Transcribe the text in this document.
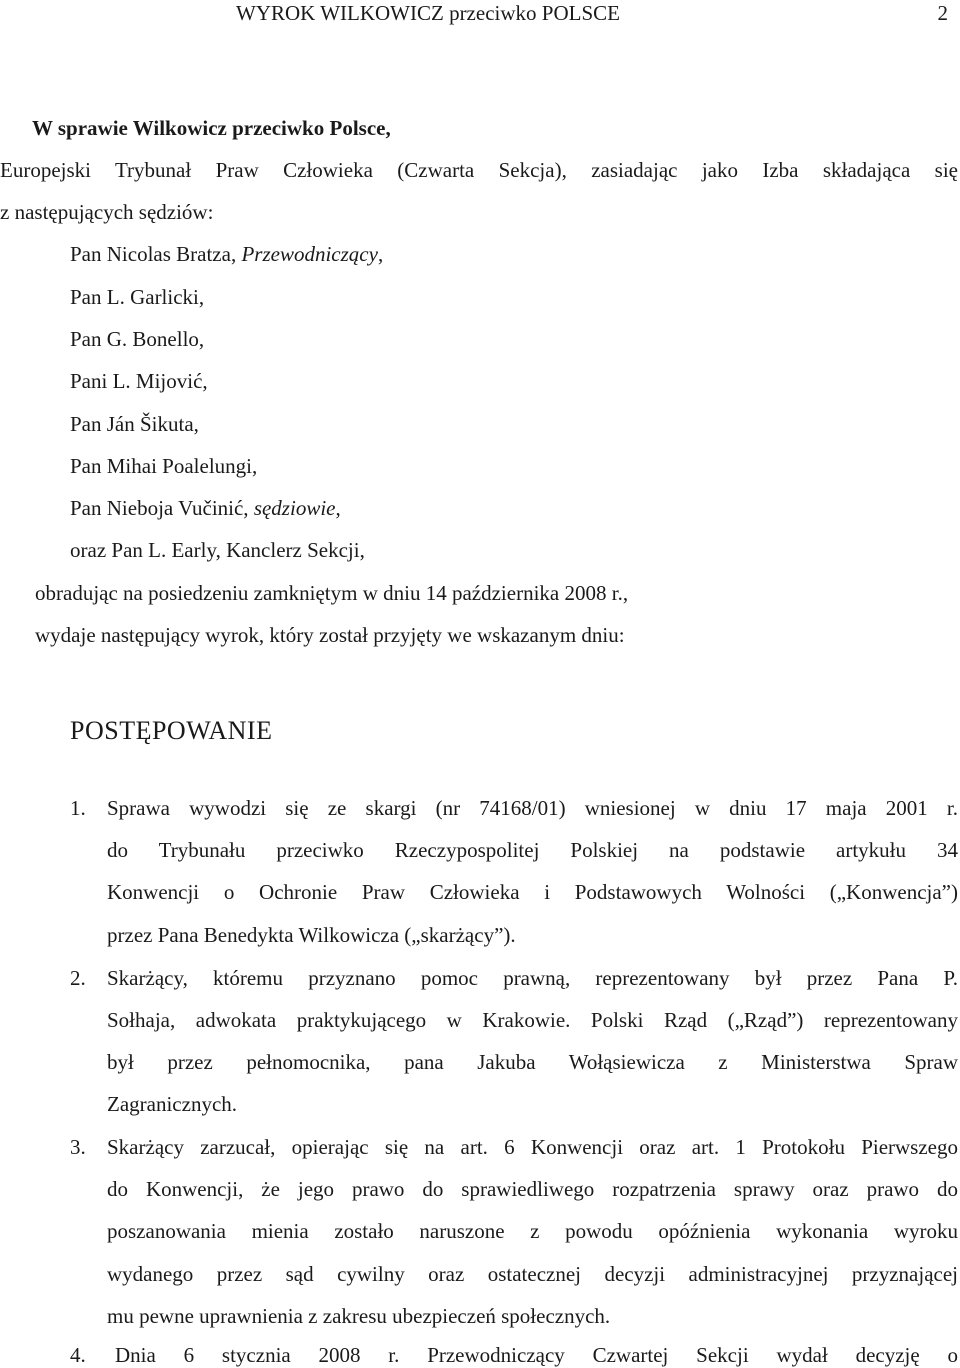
WYROK WILKOWICZ przeciwko POLSCE	2
W sprawie Wilkowicz przeciwko Polsce,
Europejski Trybunał Praw Człowieka (Czwarta Sekcja), zasiadając jako Izba składająca się
z następujących sędziów:
Pan Nicolas Bratza, Przewodniczący,
Pan L. Garlicki,
Pan G. Bonello,
Pani L. Mijović,
Pan Ján Šikuta,
Pan Mihai Poalelungi,
Pan Nieboja Vučinić, sędziowie,
oraz Pan L. Early, Kanclerz Sekcji,
obradując na posiedzeniu zamkniętym w dniu 14 października 2008 r.,
wydaje następujący wyrok, który został przyjęty we wskazanym dniu:
POSTĘPOWANIE
1. Sprawa wywodzi się ze skargi (nr 74168/01) wniesionej w dniu 17 maja 2001 r.
do Trybunału przeciwko Rzeczypospolitej Polskiej na podstawie artykułu 34
Konwencji o Ochronie Praw Człowieka i Podstawowych Wolności („Konwencja”)
przez Pana Benedykta Wilkowicza („skarżący”).
2. Skarżący, któremu przyznano pomoc prawną, reprezentowany był przez Pana P.
Sołhaja, adwokata praktykującego w Krakowie. Polski Rząd („Rząd”) reprezentowany
był przez pełnomocnika, pana Jakuba Wołąsiewicza z Ministerstwa Spraw
Zagranicznych.
3. Skarżący zarzucał, opierając się na art. 6 Konwencji oraz art. 1 Protokołu Pierwszego
do Konwencji, że jego prawo do sprawiedliwego rozpatrzenia sprawy oraz prawo do
poszanowania mienia zostało naruszone z powodu opóźnienia wykonania wyroku
wydanego przez sąd cywilny oraz ostatecznej decyzji administracyjnej przyznającej
mu pewne uprawnienia z zakresu ubezpieczeń społecznych.
4. Dnia 6 stycznia 2008 r. Przewodniczący Czwartej Sekcji wydał decyzję o
